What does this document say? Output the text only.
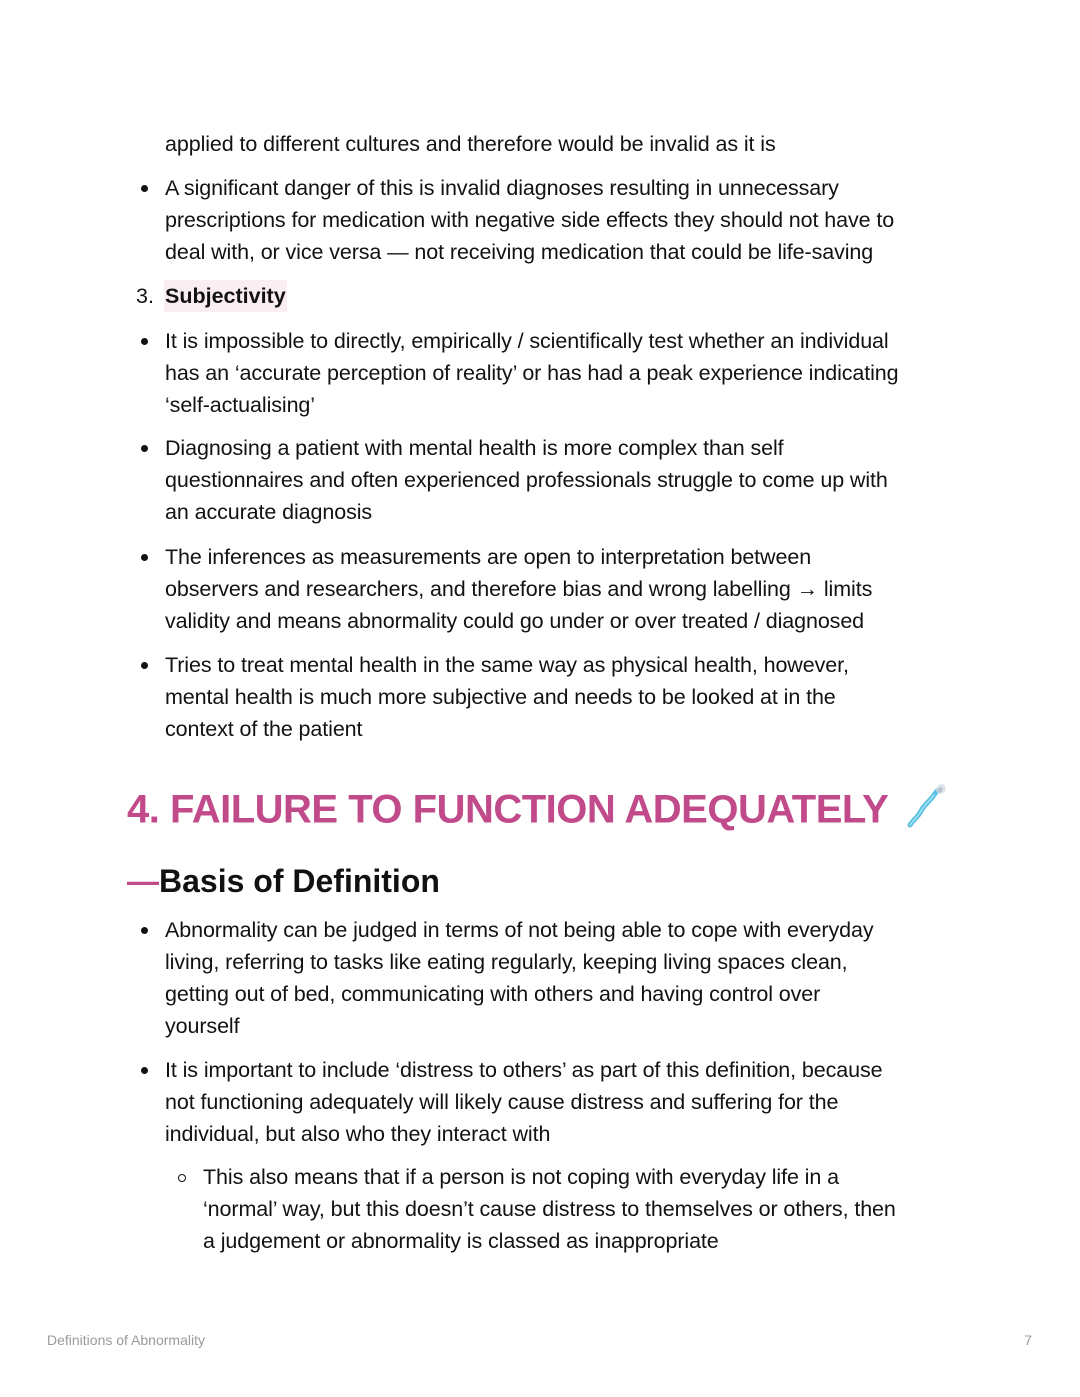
applied to different cultures and therefore would be invalid as it is
A significant danger of this is invalid diagnoses resulting in unnecessary
prescriptions for medication with negative side effects they should not have to
deal with, or vice versa — not receiving medication that could be life-saving
3. Subjectivity
It is impossible to directly, empirically / scientifically test whether an individual
has an ‘accurate perception of reality’ or has had a peak experience indicating
‘self-actualising’
Diagnosing a patient with mental health is more complex than self
questionnaires and often experienced professionals struggle to come up with
an accurate diagnosis
The inferences as measurements are open to interpretation between
observers and researchers, and therefore bias and wrong labelling → limits
validity and means abnormality could go under or over treated / diagnosed
Tries to treat mental health in the same way as physical health, however,
mental health is much more subjective and needs to be looked at in the
context of the patient
4. FAILURE TO FUNCTION ADEQUATELY
—Basis of Definition
Abnormality can be judged in terms of not being able to cope with everyday
living, referring to tasks like eating regularly, keeping living spaces clean,
getting out of bed, communicating with others and having control over
yourself
It is important to include ‘distress to others’ as part of this definition, because
not functioning adequately will likely cause distress and suffering for the
individual, but also who they interact with
This also means that if a person is not coping with everyday life in a
‘normal’ way, but this doesn’t cause distress to themselves or others, then
a judgement or abnormality is classed as inappropriate
Definitions of Abnormality	7
